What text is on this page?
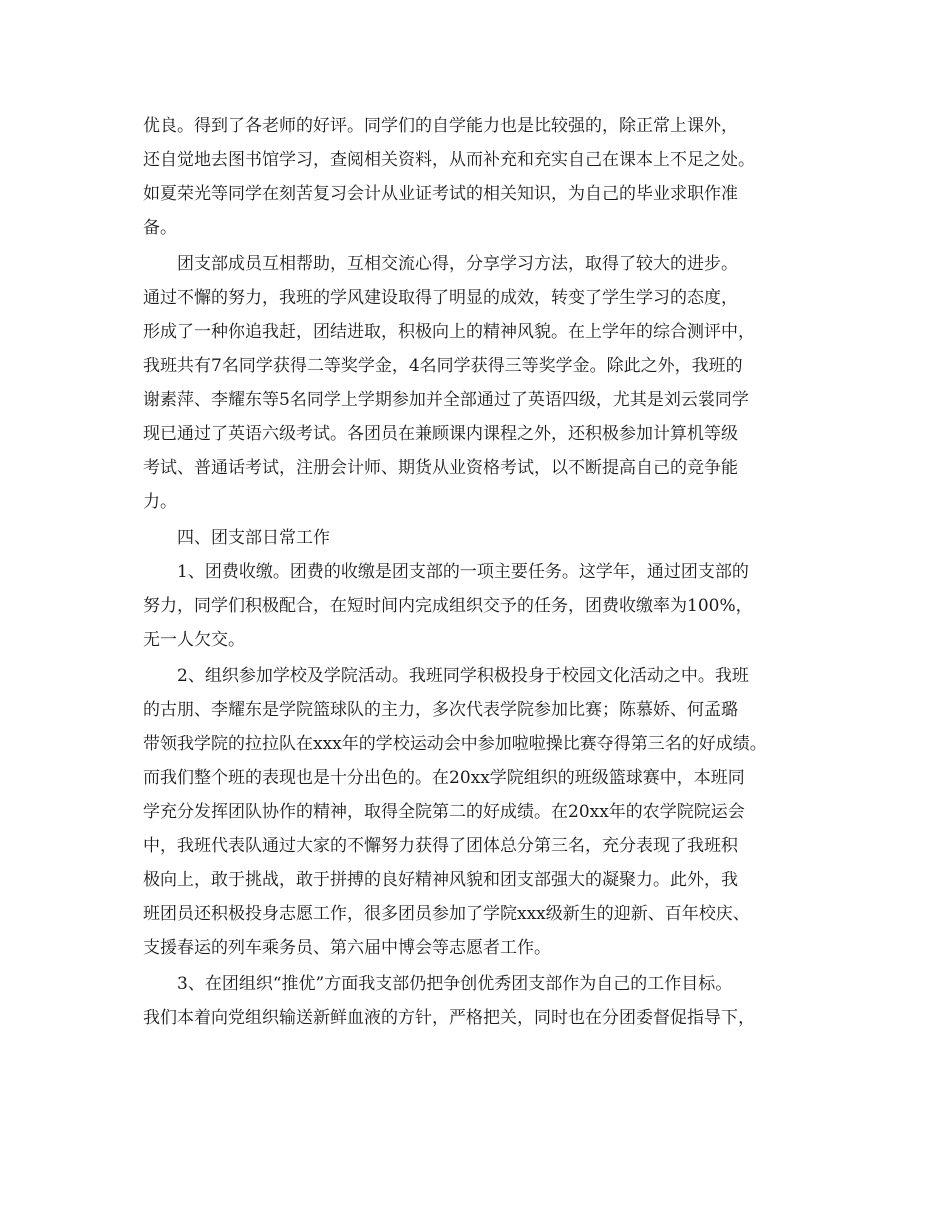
优良。得到了各老师的好评。同学们的自学能力也是比较强的，除正常上课外，
还自觉地去图书馆学习，查阅相关资料，从而补充和充实自己在课本上不足之处。
如夏荣光等同学在刻苦复习会计从业证考试的相关知识，为自己的毕业求职作准
备。
团支部成员互相帮助，互相交流心得，分享学习方法，取得了较大的进步。
通过不懈的努力，我班的学风建设取得了明显的成效，转变了学生学习的态度，
形成了一种你追我赶，团结进取，积极向上的精神风貌。在上学年的综合测评中，
我班共有7名同学获得二等奖学金，4名同学获得三等奖学金。除此之外，我班的
谢素萍、李耀东等5名同学上学期参加并全部通过了英语四级，尤其是刘云裳同学
现已通过了英语六级考试。各团员在兼顾课内课程之外，还积极参加计算机等级
考试、普通话考试，注册会计师、期货从业资格考试，以不断提高自己的竞争能
力。
四、团支部日常工作
1、团费收缴。团费的收缴是团支部的一项主要任务。这学年，通过团支部的
努力，同学们积极配合，在短时间内完成组织交予的任务，团费收缴率为100%，
无一人欠交。
2、组织参加学校及学院活动。我班同学积极投身于校园文化活动之中。我班
的古朋、李耀东是学院篮球队的主力，多次代表学院参加比赛；陈慕娇、何孟璐
带领我学院的拉拉队在xxx年的学校运动会中参加啦啦操比赛夺得第三名的好成绩。
而我们整个班的表现也是十分出色的。在20xx学院组织的班级篮球赛中，本班同
学充分发挥团队协作的精神，取得全院第二的好成绩。在20xx年的农学院院运会
中，我班代表队通过大家的不懈努力获得了团体总分第三名，充分表现了我班积
极向上，敢于挑战，敢于拼搏的良好精神风貌和团支部强大的凝聚力。此外，我
班团员还积极投身志愿工作，很多团员参加了学院xxx级新生的迎新、百年校庆、
支援春运的列车乘务员、第六届中博会等志愿者工作。
3、在团组织“推优”方面我支部仍把争创优秀团支部作为自己的工作目标。
我们本着向党组织输送新鲜血液的方针，严格把关，同时也在分团委督促指导下，
